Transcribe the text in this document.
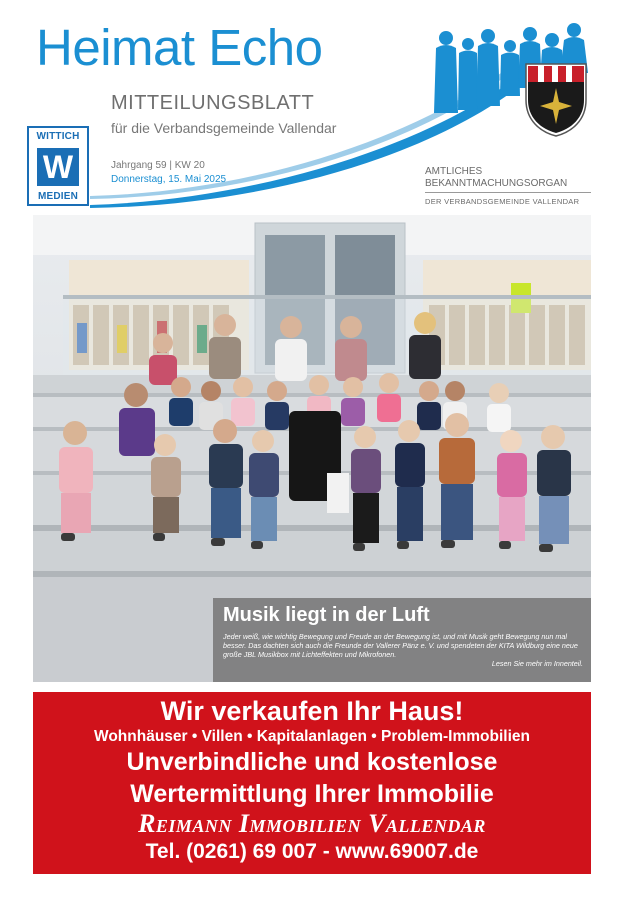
Heimat Echo
MITTEILUNGSBLATT
für die Verbandsgemeinde Vallendar
WITTICH
W
MEDIEN
Jahrgang 59 | KW 20
Donnerstag, 15. Mai 2025
AMTLICHES
BEKANNTMACHUNGSORGAN
DER VERBANDSGEMEINDE VALLENDAR
Musik liegt in der Luft
Jeder weiß, wie wichtig Bewegung und Freude an der Bewegung ist, und mit Musik geht Bewegung nun mal besser. Das dachten sich auch die Freunde der Vallerer Pänz e. V. und spendeten der KITA Wildburg eine neue große JBL Musikbox mit Lichteffekten und Mikrofonen.
Lesen Sie mehr im Innenteil.
Wir verkaufen Ihr Haus!
Wohnhäuser • Villen • Kapitalanlagen • Problem-Immobilien
Unverbindliche und kostenlose
Wertermittlung Ihrer Immobilie
Reimann Immobilien Vallendar
Tel. (0261) 69 007 - www.69007.de
